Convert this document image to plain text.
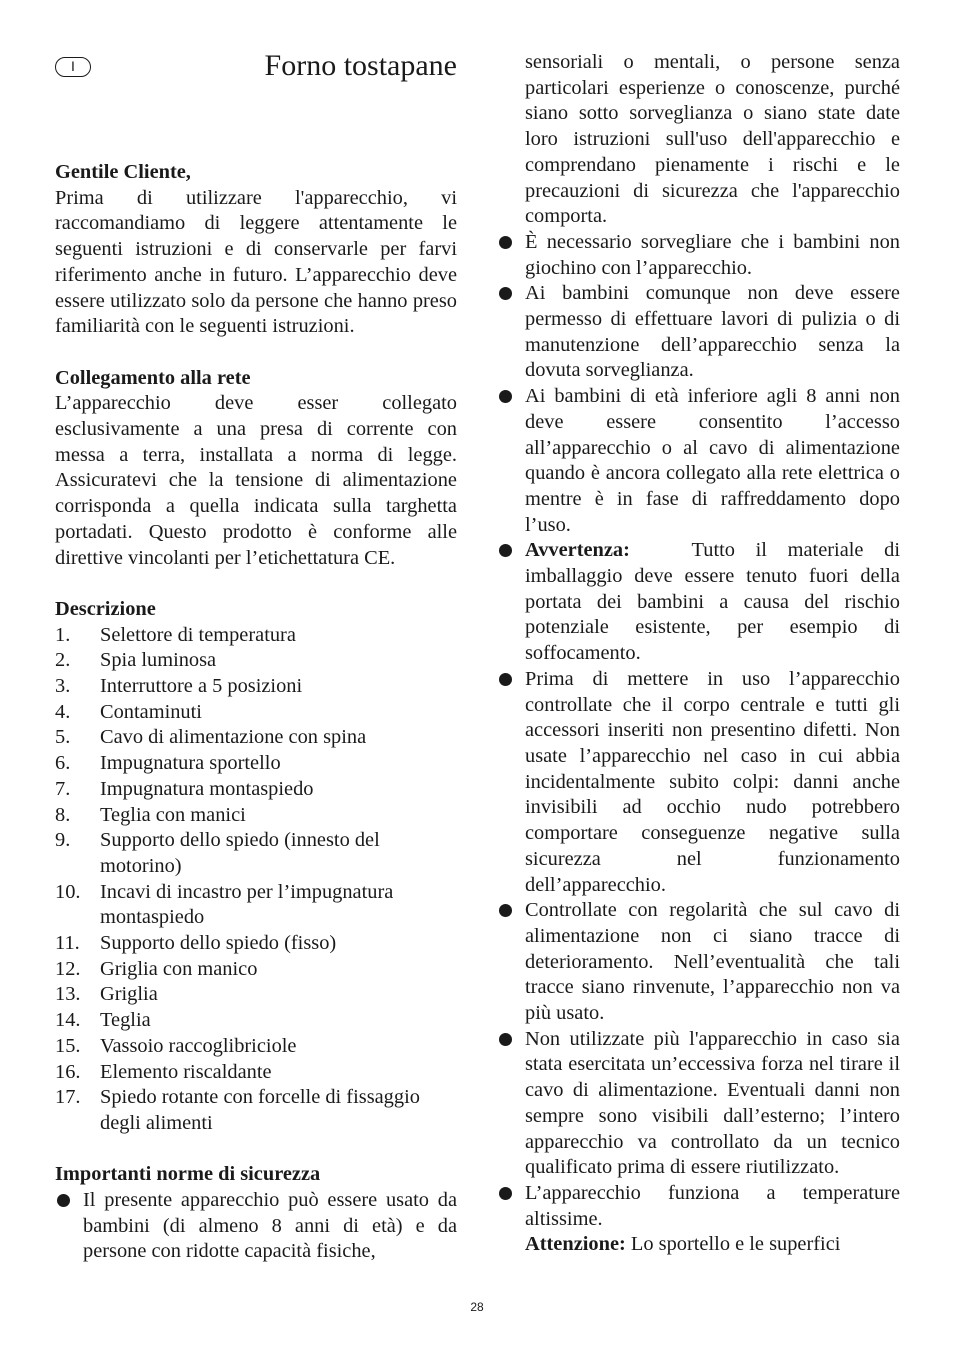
I	Forno tostapane
Gentile Cliente,

Prima di utilizzare l'apparecchio, vi raccomandiamo di leggere attentamente le seguenti istruzioni e di conservarle per farvi riferimento anche in futuro. L’apparecchio deve essere utilizzato solo da persone che hanno preso familiarità con le seguenti istruzioni.

Collegamento alla rete

L’apparecchio deve esser collegato esclusivamente a una presa di corrente con messa a terra, installata a norma di legge. Assicuratevi che la tensione di alimentazione corrisponda a quella indicata sulla targhetta portadati. Questo prodotto è conforme alle direttive vincolanti per l’etichettatura CE.

Descrizione
1.	Selettore di temperatura
2.	Spia luminosa
3.	Interruttore a 5 posizioni
4.	Contaminuti
5.	Cavo di alimentazione con spina
6.	Impugnatura sportello
7.	Impugnatura montaspiedo
8.	Teglia con manici
9.	Supporto dello spiedo (innesto del motorino)
10. Incavi di incastro per l’impugnatura montaspiedo
11. Supporto dello spiedo (fisso)
12. Griglia con manico
13. Griglia
14. Teglia
15. Vassoio raccoglibriciole
16. Elemento riscaldante
17. Spiedo rotante con forcelle di fissaggio degli alimenti
Importanti norme di sicurezza
Il presente apparecchio può essere usato da bambini (di almeno 8 anni di età) e da persone con ridotte capacità fisiche,

sensoriali o mentali, o persone senza particolari esperienze o conoscenze, purché siano sotto sorveglianza o siano state date loro istruzioni sull'uso dell'apparecchio e comprendano pienamente i rischi e le precauzioni di sicurezza che l'apparecchio comporta.

È necessario sorvegliare che i bambini non giochino con l’apparecchio.
Ai bambini comunque non deve essere permesso di effettuare lavori di pulizia o di manutenzione dell’apparecchio senza la dovuta sorveglianza.
Ai bambini di età inferiore agli 8 anni non deve essere consentito l’accesso all’apparecchio o al cavo di alimentazione quando è ancora collegato alla rete elettrica o mentre è in fase di raffreddamento dopo l’uso.
Avvertenza:	Tutto il materiale di imballaggio deve essere tenuto fuori della portata dei bambini a causa del rischio potenziale esistente, per esempio di soffocamento.
Prima di mettere in uso l’apparecchio controllate che il corpo centrale e tutti gli accessori inseriti non presentino difetti. Non usate l’apparecchio nel caso in cui abbia incidentalmente subito colpi: danni anche invisibili ad occhio nudo potrebbero comportare conseguenze negative sulla sicurezza nel funzionamento dell’apparecchio.
Controllate con regolarità che sul cavo di alimentazione non ci siano tracce di deterioramento. Nell’eventualità che tali tracce siano rinvenute, l’apparecchio non va più usato.
Non utilizzate più l'apparecchio in caso sia stata esercitata un’eccessiva forza nel tirare il cavo di alimentazione. Eventuali danni non sempre sono visibili dall’esterno; l’intero apparecchio va controllato da un tecnico qualificato prima di essere riutilizzato.
L’apparecchio funziona a temperature altissime.

Attenzione: Lo sportello e le superfici

28
